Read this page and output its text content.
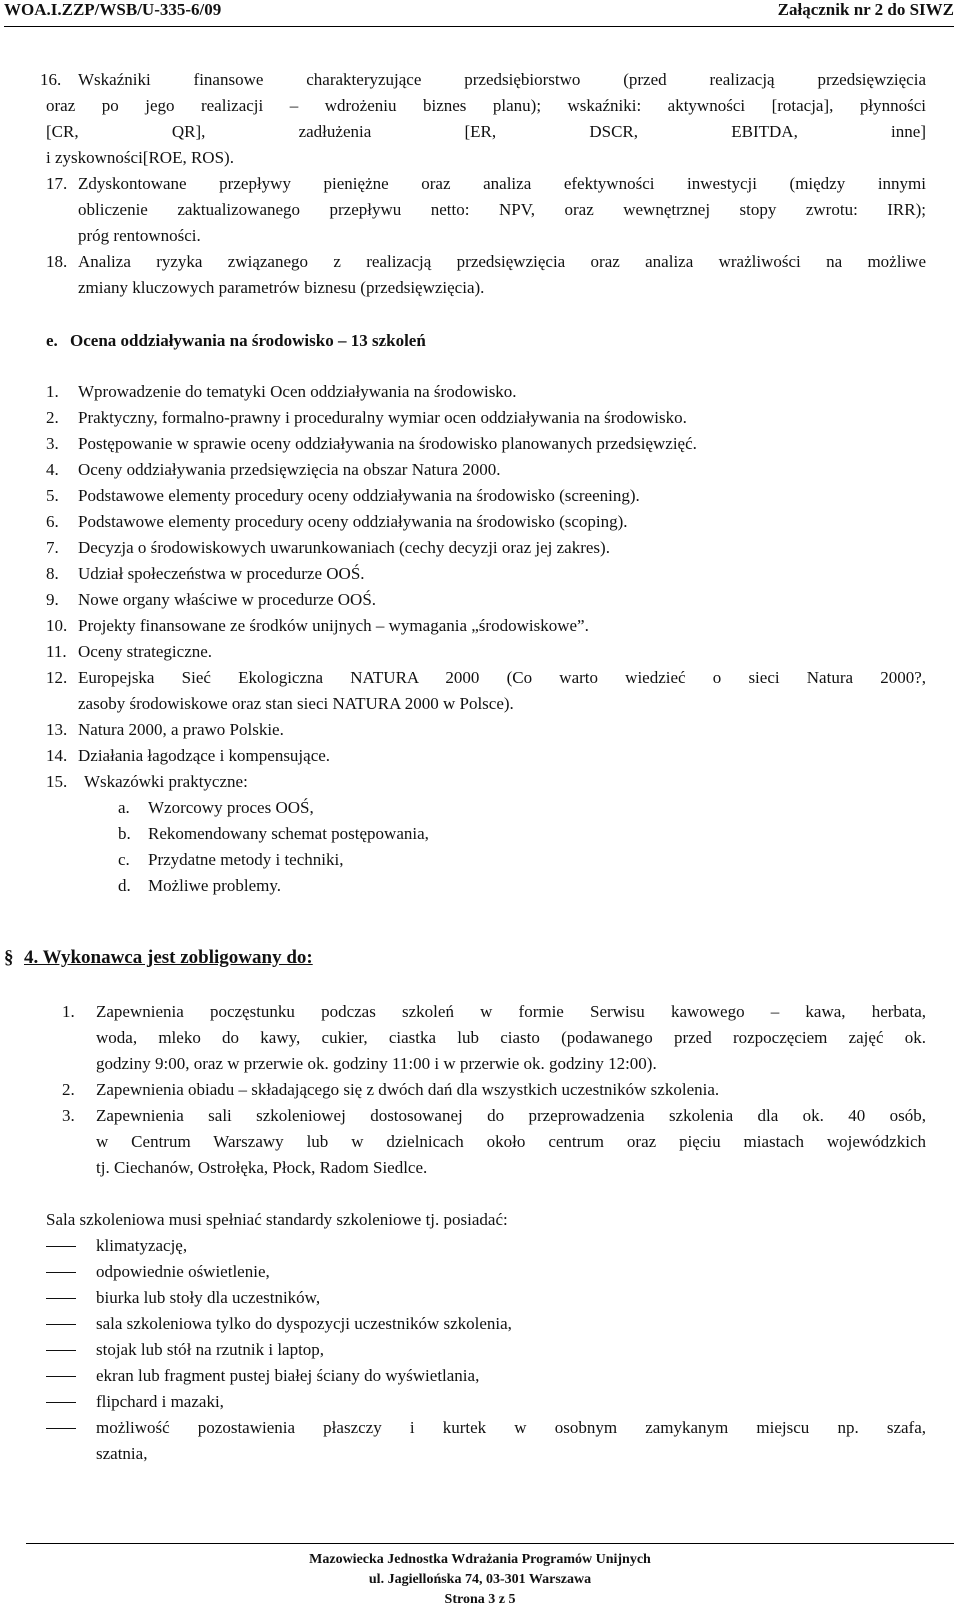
WOA.I.ZZP/WSB/U-335-6/09	Załącznik nr 2 do SIWZ
16. Wskaźniki finansowe charakteryzujące przedsiębiorstwo (przed realizacją przedsięwzięcia
oraz po jego realizacji – wdrożeniu biznes planu); wskaźniki: aktywności [rotacja], płynności
[CR, QR], zadłużenia [ER, DSCR, EBITDA, inne]
i zyskowności[ROE, ROS).
17. Zdyskontowane przepływy pieniężne oraz analiza efektywności inwestycji (między innymi
obliczenie zaktualizowanego przepływu netto: NPV, oraz wewnętrznej stopy zwrotu: IRR);
próg rentowności.
18. Analiza ryzyka związanego z realizacją przedsięwzięcia oraz analiza wrażliwości na możliwe
zmiany kluczowych parametrów biznesu (przedsięwzięcia).
e. Ocena oddziaływania na środowisko – 13 szkoleń
1. Wprowadzenie do tematyki Ocen oddziaływania na środowisko.
2. Praktyczny, formalno-prawny i proceduralny wymiar ocen oddziaływania na środowisko.
3. Postępowanie w sprawie oceny oddziaływania na środowisko planowanych przedsięwzięć.
4. Oceny oddziaływania przedsięwzięcia na obszar Natura 2000.
5. Podstawowe elementy procedury oceny oddziaływania na środowisko (screening).
6. Podstawowe elementy procedury oceny oddziaływania na środowisko (scoping).
7. Decyzja o środowiskowych uwarunkowaniach (cechy decyzji oraz jej zakres).
8. Udział społeczeństwa w procedurze OOŚ.
9. Nowe organy właściwe w procedurze OOŚ.
10. Projekty finansowane ze środków unijnych – wymagania „środowiskowe”.
11. Oceny strategiczne.
12. Europejska Sieć Ekologiczna NATURA 2000 (Co warto wiedzieć o sieci Natura 2000?,
zasoby środowiskowe oraz stan sieci NATURA 2000 w Polsce).
13. Natura 2000, a prawo Polskie.
14. Działania łagodzące i kompensujące.
15. Wskazówki praktyczne:
a. Wzorcowy proces OOŚ,
b. Rekomendowany schemat postępowania,
c. Przydatne metody i techniki,
d. Możliwe problemy.
§ 4. Wykonawca jest zobligowany do:
1. Zapewnienia poczęstunku podczas szkoleń w formie Serwisu kawowego – kawa, herbata,
woda, mleko do kawy, cukier, ciastka lub ciasto (podawanego przed rozpoczęciem zajęć ok.
godziny 9:00, oraz w przerwie ok. godziny 11:00 i w przerwie ok. godziny 12:00).
2. Zapewnienia obiadu – składającego się z dwóch dań dla wszystkich uczestników szkolenia.
3. Zapewnienia sali szkoleniowej dostosowanej do przeprowadzenia szkolenia dla ok. 40 osób,
w Centrum Warszawy lub w dzielnicach około centrum oraz pięciu miastach wojewódzkich
tj. Ciechanów, Ostrołęka, Płock, Radom Siedlce.
Sala szkoleniowa musi spełniać standardy szkoleniowe tj. posiadać:
klimatyzację,
odpowiednie oświetlenie,
biurka lub stoły dla uczestników,
sala szkoleniowa tylko do dyspozycji uczestników szkolenia,
stojak lub stół na rzutnik i laptop,
ekran lub fragment pustej białej ściany do wyświetlania,
flipchard i mazaki,
możliwość pozostawienia płaszczy i kurtek w osobnym zamykanym miejscu np. szafa,
szatnia,
Mazowiecka Jednostka Wdrażania Programów Unijnych
ul. Jagiellońska 74, 03-301 Warszawa
Strona 3 z 5
